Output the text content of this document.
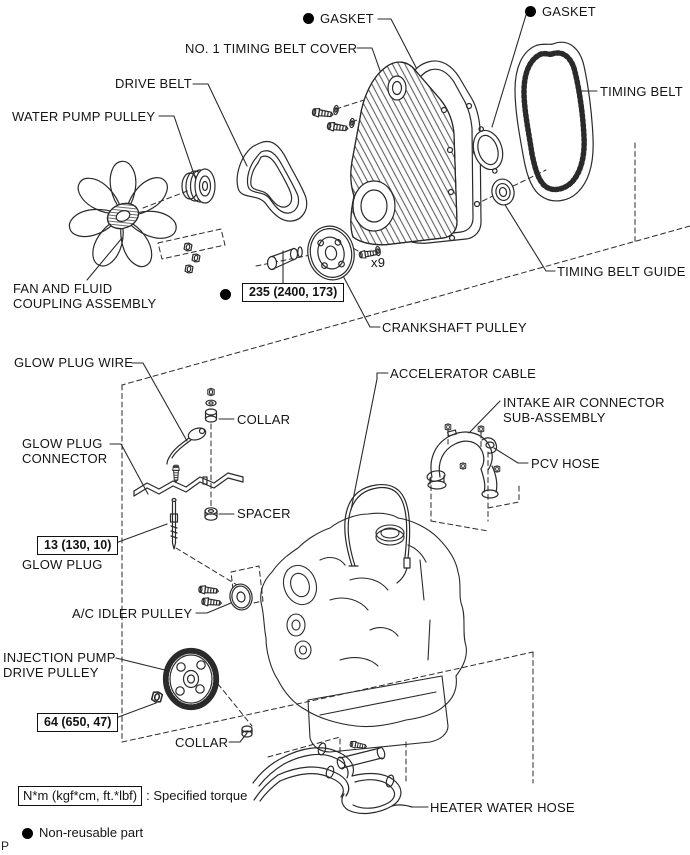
GASKET	GASKET
NO. 1 TIMING BELT COVER
DRIVE BELT
WATER PUMP PULLEY
TIMING BELT
FAN AND FLUID
COUPLING ASSEMBLY
x9
TIMING BELT GUIDE
CRANKSHAFT PULLEY
GLOW PLUG WIRE
COLLAR
GLOW PLUG
CONNECTOR
SPACER
GLOW PLUG
A/C IDLER PULLEY
INJECTION PUMP
DRIVE PULLEY
COLLAR
ACCELERATOR CABLE
INTAKE AIR CONNECTOR
SUB-ASSEMBLY
PCV HOSE
HEATER WATER HOSE
235 (2400, 173)
13 (130, 10)
64 (650, 47)
N*m (kgf*cm, ft.*lbf) : Specified torque
Non-reusable part
P
